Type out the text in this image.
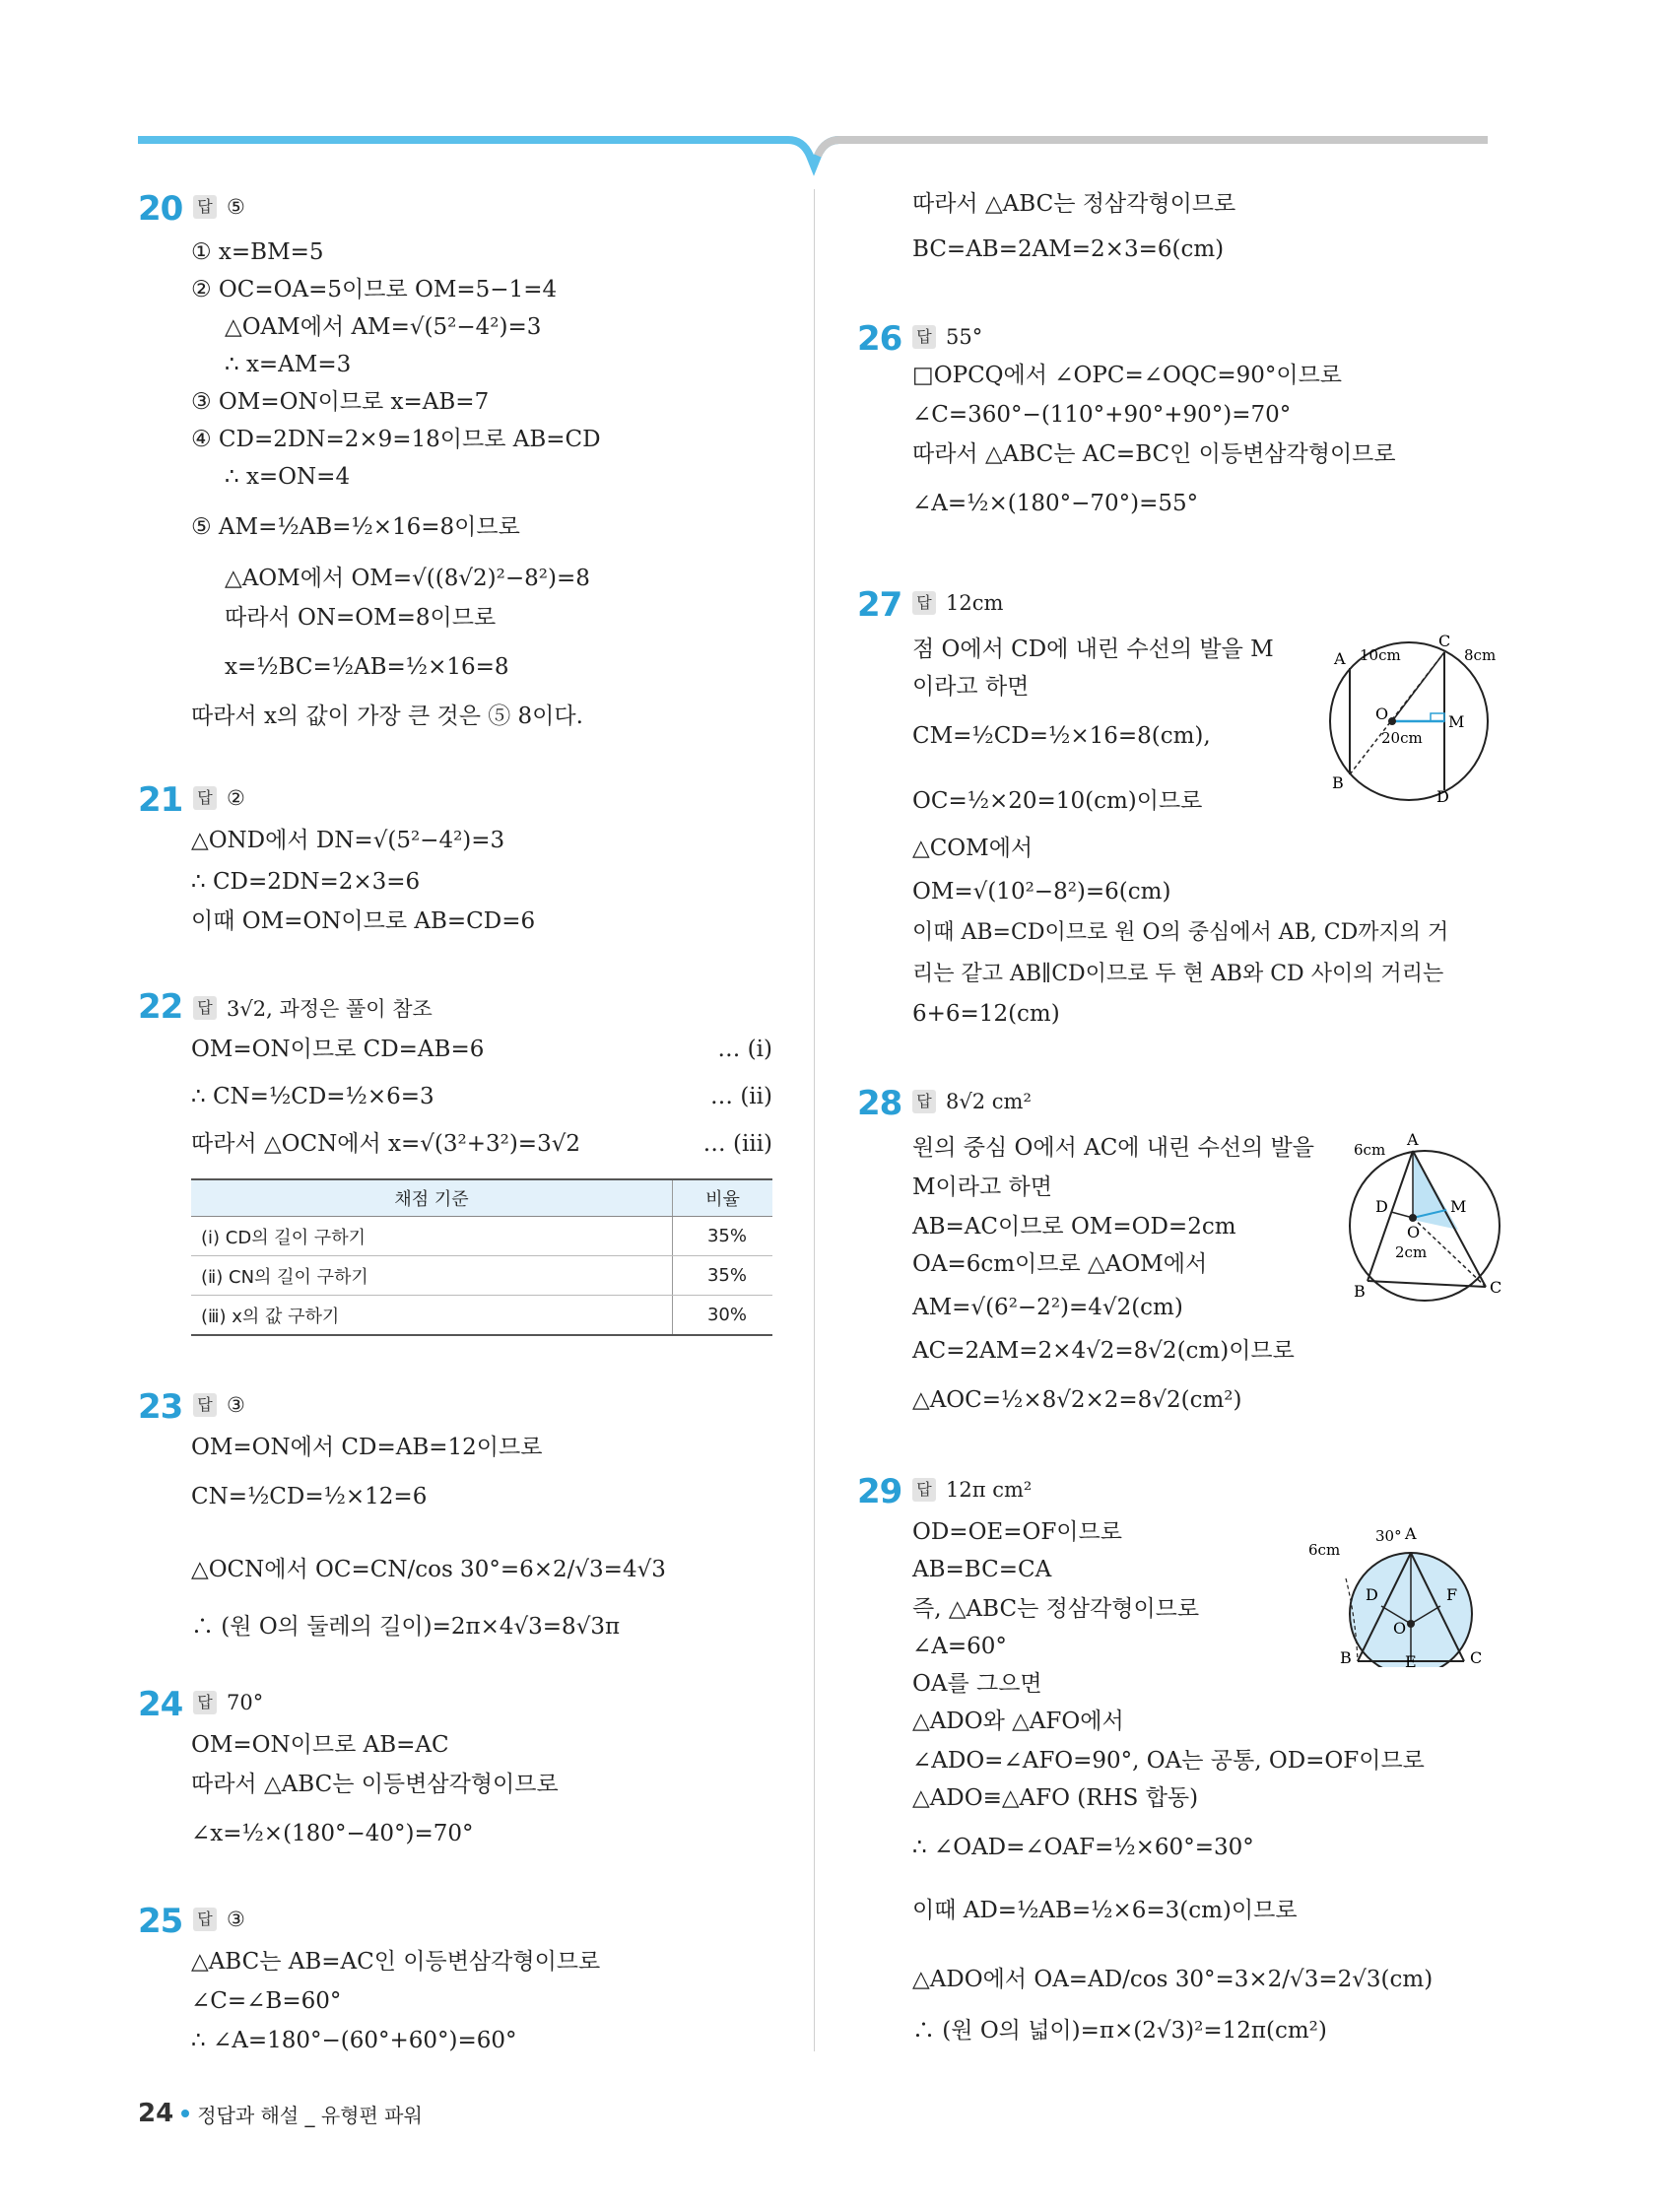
20 답 ⑤
① x=BM=5
② OC=OA=5이므로 OM=5−1=4
△OAM에서 AM=√(5²−4²)=3
∴ x=AM=3
③ OM=ON이므로 x=AB=7
④ CD=2DN=2×9=18이므로 AB=CD
∴ x=ON=4
⑤ AM=½AB=½×16=8이므로
△AOM에서 OM=√((8√2)²−8²)=8
따라서 ON=OM=8이므로
x=½BC=½AB=½×16=8
따라서 x의 값이 가장 큰 것은 ⑤ 8이다.
21 답 ②
△OND에서 DN=√(5²−4²)=3
∴ CD=2DN=2×3=6
이때 OM=ON이므로 AB=CD=6
22 답 3√2, 과정은 풀이 참조
OM=ON이므로 CD=AB=6	… (ⅰ)
∴ CN=½CD=½×6=3	… (ⅱ)
따라서 △OCN에서 x=√(3²+3²)=3√2	… (ⅲ)
채점 기준	비율
(ⅰ) CD의 길이 구하기	35%
(ⅱ) CN의 길이 구하기	35%
(ⅲ) x의 값 구하기	30%
23 답 ③
OM=ON에서 CD=AB=12이므로
CN=½CD=½×12=6
△OCN에서 OC=CN/cos 30°=6×2/√3=4√3
∴ (원 O의 둘레의 길이)=2π×4√3=8√3π
24 답 70°
OM=ON이므로 AB=AC
따라서 △ABC는 이등변삼각형이므로
∠x=½×(180°−40°)=70°
25 답 ③
△ABC는 AB=AC인 이등변삼각형이므로
∠C=∠B=60°
∴ ∠A=180°−(60°+60°)=60°
따라서 △ABC는 정삼각형이므로
BC=AB=2AM=2×3=6(cm)
26 답 55°
□OPCQ에서 ∠OPC=∠OQC=90°이므로
∠C=360°−(110°+90°+90°)=70°
따라서 △ABC는 AC=BC인 이등변삼각형이므로
∠A=½×(180°−70°)=55°
27 답 12cm
점 O에서 CD에 내린 수선의 발을 M
이라고 하면
CM=½CD=½×16=8(cm),
OC=½×20=10(cm)이므로
△COM에서
OM=√(10²−8²)=6(cm)
이때 AB=CD이므로 원 O의 중심에서 AB, CD까지의 거
리는 같고 AB∥CD이므로 두 현 AB와 CD 사이의 거리는
6+6=12(cm)
A
C
O	M
B
D
10cm	8cm
20cm
28 답 8√2 cm²
원의 중심 O에서 AC에 내린 수선의 발을
M이라고 하면
AB=AC이므로 OM=OD=2cm
OA=6cm이므로 △AOM에서
AM=√(6²−2²)=4√2(cm)
AC=2AM=2×4√2=8√2(cm)이므로
△AOC=½×8√2×2=8√2(cm²)
6cm
A
D	M
O
2cm
B	C
29 답 12π cm²
OD=OE=OF이므로
AB=BC=CA
즉, △ABC는 정삼각형이므로
∠A=60°
OA를 그으면
△ADO와 △AFO에서
∠ADO=∠AFO=90°, OA는 공통, OD=OF이므로
△ADO≡△AFO (RHS 합동)
∴ ∠OAD=∠OAF=½×60°=30°
이때 AD=½AB=½×6=3(cm)이므로
△ADO에서 OA=AD/cos 30°=3×2/√3=2√3(cm)
∴ (원 O의 넓이)=π×(2√3)²=12π(cm²)
6cm
30° A
D	F
O
B	E	C
24 정답과 해설 _ 유형편 파워
